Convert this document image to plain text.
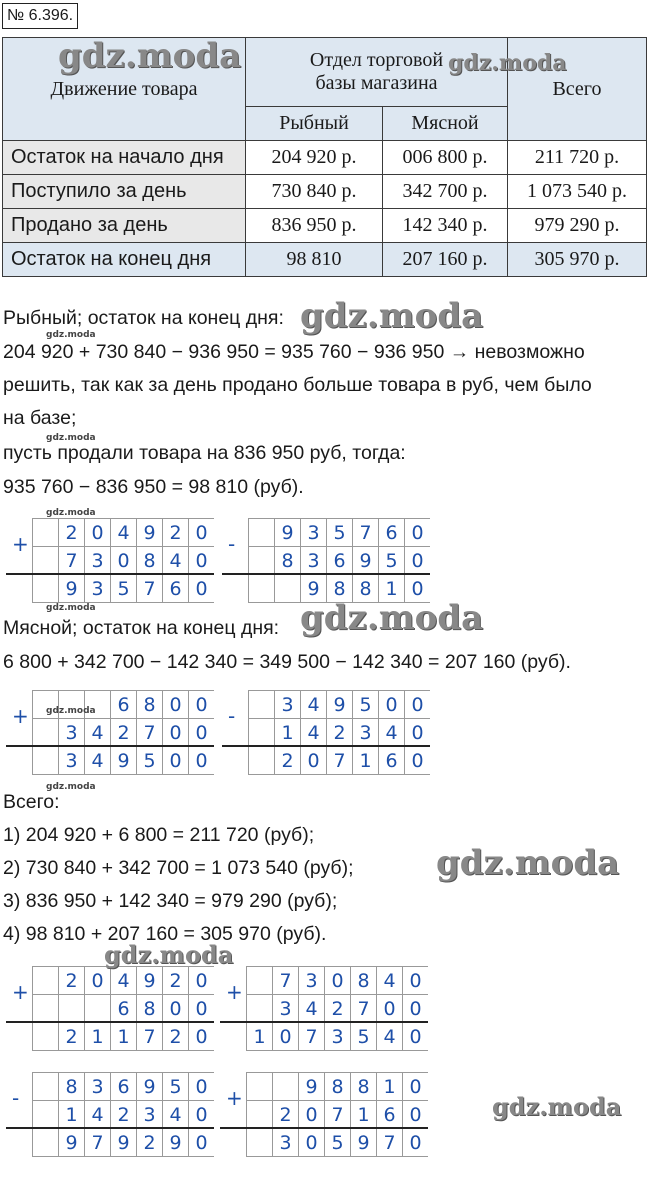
№ 6.396.
Движение товара	Отдел торговой базы магазина		Всего
	Рыбный	Мясной	
Остаток на начало дня	204 920 р.	006 800 р.	211 720 р.
Поступило за день	730 840 р.	342 700 р.	1 073 540 р.
Продано за день	836 950 р.	142 340 р.	979 290 р.
Остаток на конец дня	98 810	207 160 р.	305 970 р.
gdz.moda	gdz.moda
Рыбный; остаток на конец дня: gdz.moda
gdz.moda
204 920 + 730 840 − 936 950 = 935 760 − 936 950 → невозможно
решить, так как за день продано больше товара в руб, чем было
на базе;
gdz.moda
пусть продали товара на 836 950 руб, тогда:
935 760 − 836 950 = 98 810 (руб).
2 0 4 9 2 0
7 3 0 8 4 0
9 3 5 7 6 0
+
gdz.moda
9 3 5 7 6 0
8 3 6 9 5 0
9 8 8 1 0
-
gdz.moda
Мясной; остаток на конец дня: gdz.moda
6 800 + 342 700 − 142 340 = 349 500 − 142 340 = 207 160 (руб).
6 8 0 0
3 4 2 7 0 0
3 4 9 5 0 0
+ gdz.moda	3 4 9 5 0 0
1 4 2 3 4 0
2 0 7 1 6 0
-
gdz.moda
Всего:
1) 204 920 + 6 800 = 211 720 (руб);
2) 730 840 + 342 700 = 1 073 540 (руб); gdz.moda
3) 836 950 + 142 340 = 979 290 (руб);
4) 98 810 + 207 160 = 305 970 (руб).
2 0 4 9 2 0
6 8 0 0
2 1 1 7 2 0
+
gdz.moda
7 3 0 8 4 0
3 4 2 7 0 0
1 0 7 3 5 4 0
+
8 3 6 9 5 0
1 4 2 3 4 0
9 7 9 2 9 0
-	9 8 8 1 0
2 0 7 1 6 0
3 0 5 9 7 0
+	gdz.moda
